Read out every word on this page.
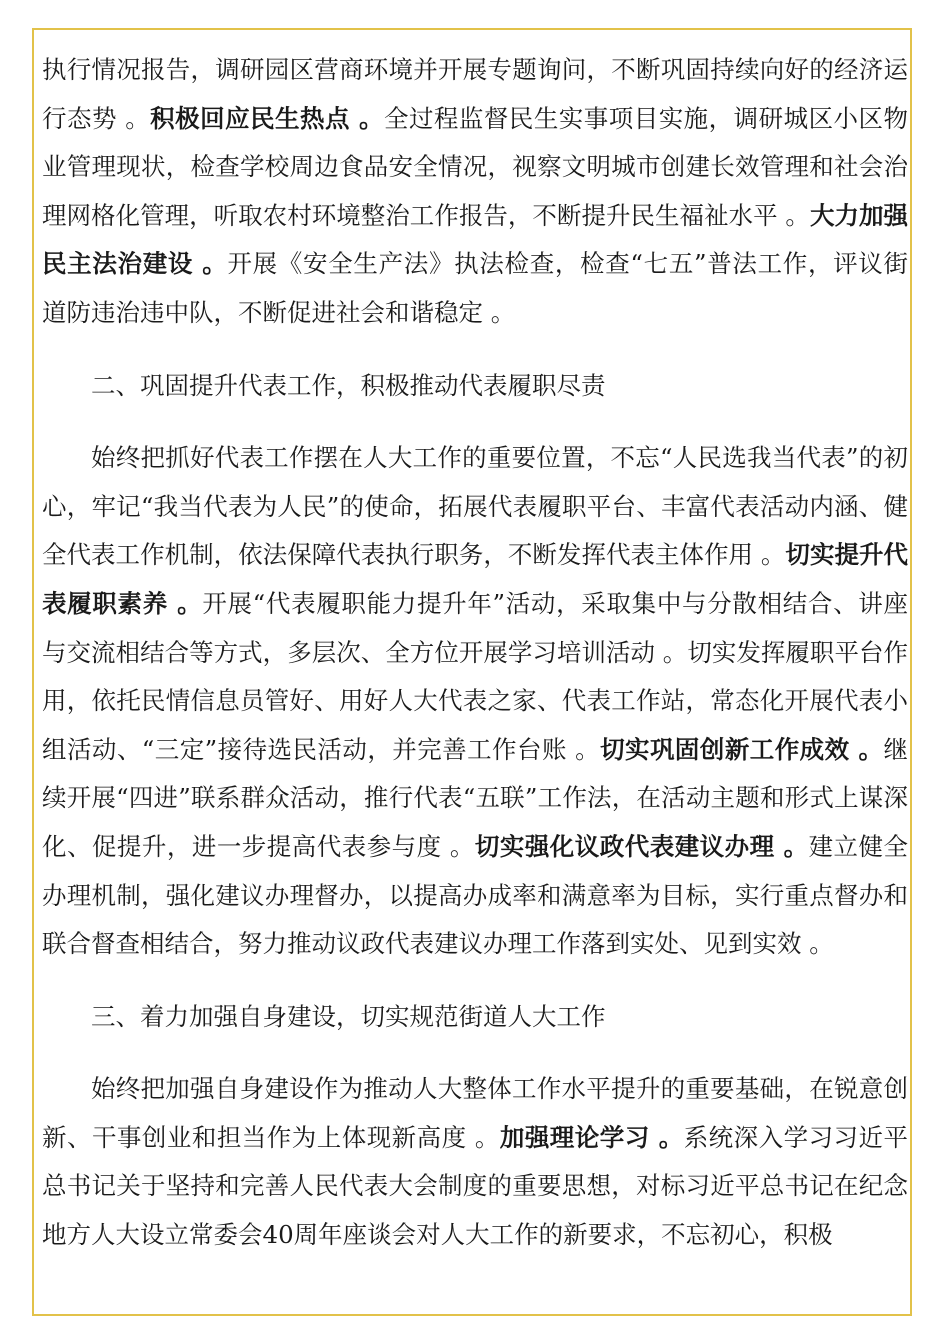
执行情况报告，调研园区营商环境并开展专题询问，不断巩固持续向好的经济运行态势 。积极回应民生热点 。全过程监督民生实事项目实施，调研城区小区物业管理现状，检查学校周边食品安全情况，视察文明城市创建长效管理和社会治理网格化管理，听取农村环境整治工作报告，不断提升民生福祉水平 。大力加强民主法治建设 。开展《安全生产法》执法检查，检查“七五”普法工作，评议街道防违治违中队，不断促进社会和谐稳定 。

二、巩固提升代表工作，积极推动代表履职尽责

始终把抓好代表工作摆在人大工作的重要位置，不忘“人民选我当代表”的初心，牢记“我当代表为人民”的使命，拓展代表履职平台、丰富代表活动内涵、健全代表工作机制，依法保障代表执行职务，不断发挥代表主体作用 。切实提升代表履职素养 。开展“代表履职能力提升年”活动，采取集中与分散相结合、讲座与交流相结合等方式，多层次、全方位开展学习培训活动 。切实发挥履职平台作用，依托民情信息员管好、用好人大代表之家、代表工作站，常态化开展代表小组活动、“三定”接待选民活动，并完善工作台账 。切实巩固创新工作成效 。继续开展“四进”联系群众活动，推行代表“五联”工作法，在活动主题和形式上谋深化、促提升，进一步提高代表参与度 。切实强化议政代表建议办理 。建立健全办理机制，强化建议办理督办，以提高办成率和满意率为目标，实行重点督办和联合督查相结合，努力推动议政代表建议办理工作落到实处、见到实效 。

三、着力加强自身建设，切实规范街道人大工作

始终把加强自身建设作为推动人大整体工作水平提升的重要基础，在锐意创新、干事创业和担当作为上体现新高度 。加强理论学习 。系统深入学习习近平总书记关于坚持和完善人民代表大会制度的重要思想，对标习近平总书记在纪念地方人大设立常委会40周年座谈会对人大工作的新要求，不忘初心，积极
